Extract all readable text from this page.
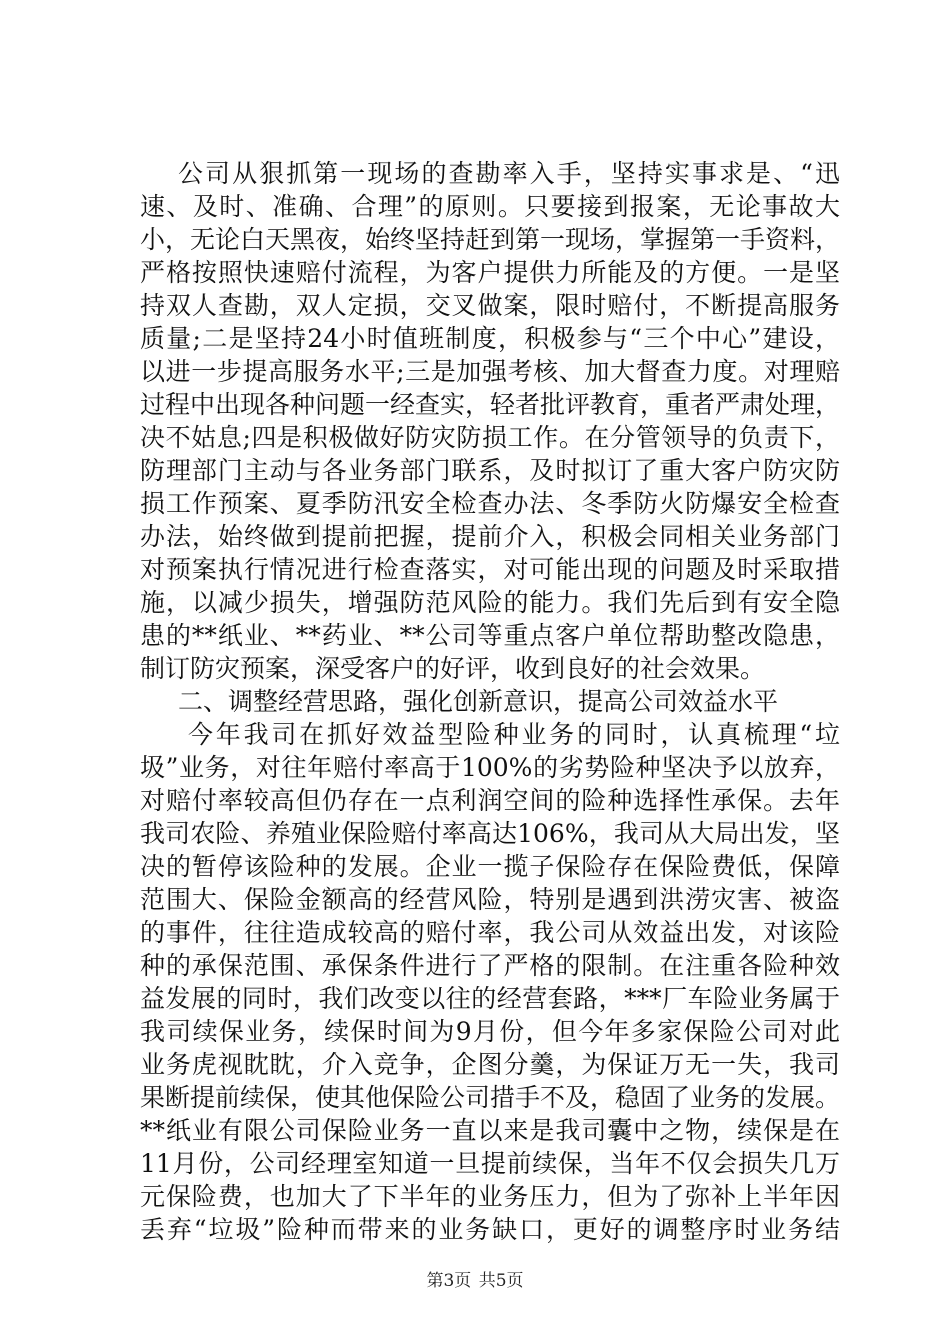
公司从狠抓第一现场的查勘率入手，坚持实事求是、“迅
速、及时、准确、合理”的原则。只要接到报案，无论事故大
小，无论白天黑夜，始终坚持赶到第一现场，掌握第一手资料，
严格按照快速赔付流程，为客户提供力所能及的方便。一是坚
持双人查勘，双人定损，交叉做案，限时赔付，不断提高服务
质量;二是坚持24小时值班制度，积极参与“三个中心”建设，
以进一步提高服务水平;三是加强考核、加大督查力度。对理赔
过程中出现各种问题一经查实，轻者批评教育，重者严肃处理，
决不姑息;四是积极做好防灾防损工作。在分管领导的负责下，
防理部门主动与各业务部门联系，及时拟订了重大客户防灾防
损工作预案、夏季防汛安全检查办法、冬季防火防爆安全检查
办法，始终做到提前把握，提前介入，积极会同相关业务部门
对预案执行情况进行检查落实，对可能出现的问题及时采取措
施，以减少损失，增强防范风险的能力。我们先后到有安全隐
患的**纸业、**药业、**公司等重点客户单位帮助整改隐患，
制订防灾预案，深受客户的好评，收到良好的社会效果。
二、调整经营思路，强化创新意识，提高公司效益水平
今年我司在抓好效益型险种业务的同时，认真梳理“垃
圾”业务，对往年赔付率高于100%的劣势险种坚决予以放弃，
对赔付率较高但仍存在一点利润空间的险种选择性承保。去年
我司农险、养殖业保险赔付率高达106%，我司从大局出发，坚
决的暂停该险种的发展。企业一揽子保险存在保险费低，保障
范围大、保险金额高的经营风险，特别是遇到洪涝灾害、被盗
的事件，往往造成较高的赔付率，我公司从效益出发，对该险
种的承保范围、承保条件进行了严格的限制。在注重各险种效
益发展的同时，我们改变以往的经营套路，***厂车险业务属于
我司续保业务，续保时间为9月份，但今年多家保险公司对此
业务虎视眈眈，介入竞争，企图分羹，为保证万无一失，我司
果断提前续保，使其他保险公司措手不及，稳固了业务的发展。
**纸业有限公司保险业务一直以来是我司囊中之物，续保是在
11月份，公司经理室知道一旦提前续保，当年不仅会损失几万
元保险费，也加大了下半年的业务压力，但为了弥补上半年因
丢弃“垃圾”险种而带来的业务缺口，更好的调整序时业务结
第3页 共5页
